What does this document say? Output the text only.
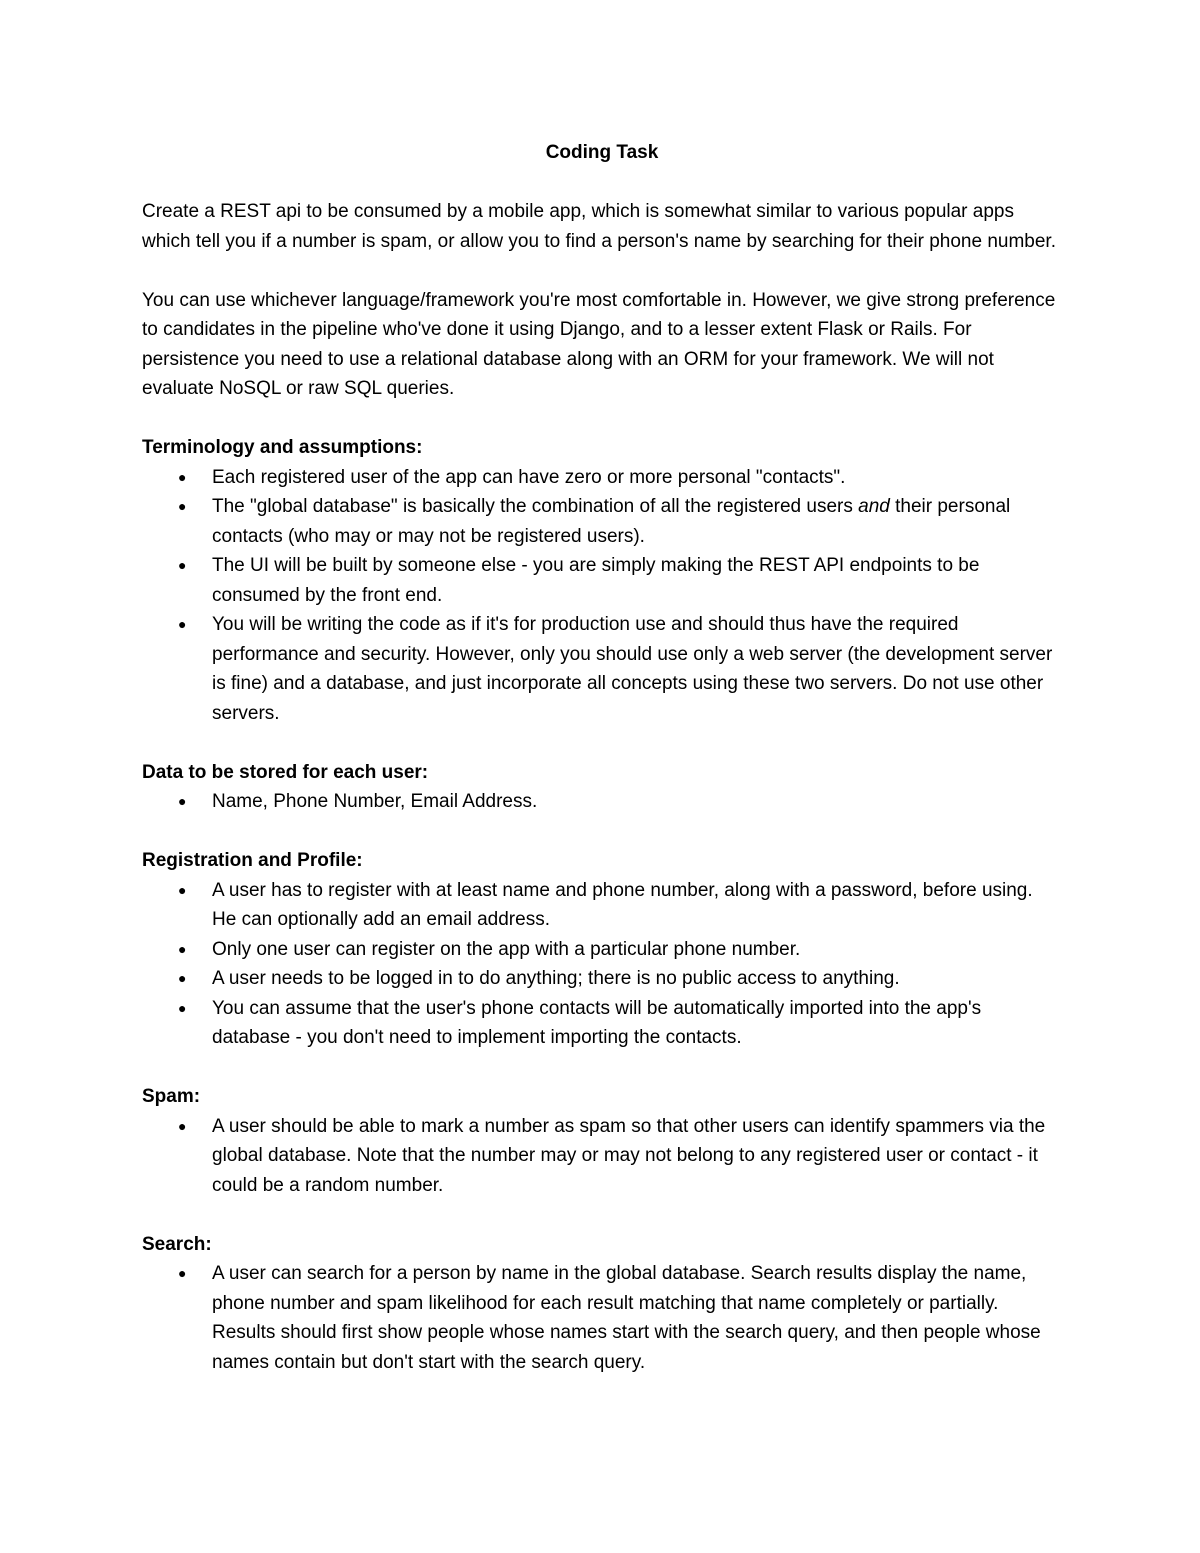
Coding Task

Create a REST api to be consumed by a mobile app, which is somewhat similar to various popular apps which tell you if a number is spam, or allow you to find a person's name by searching for their phone number.

You can use whichever language/framework you're most comfortable in. However, we give strong preference to candidates in the pipeline who've done it using Django, and to a lesser extent Flask or Rails. For persistence you need to use a relational database along with an ORM for your framework. We will not evaluate NoSQL or raw SQL queries.

Terminology and assumptions:
● Each registered user of the app can have zero or more personal "contacts".
● The "global database" is basically the combination of all the registered users and their personal contacts (who may or may not be registered users).
● The UI will be built by someone else - you are simply making the REST API endpoints to be consumed by the front end.
● You will be writing the code as if it's for production use and should thus have the required performance and security. However, only you should use only a web server (the development server is fine) and a database, and just incorporate all concepts using these two servers. Do not use other servers.
Data to be stored for each user:
● Name, Phone Number, Email Address.
Registration and Profile:
● A user has to register with at least name and phone number, along with a password, before using. He can optionally add an email address.
● Only one user can register on the app with a particular phone number.
● A user needs to be logged in to do anything; there is no public access to anything.
● You can assume that the user's phone contacts will be automatically imported into the app's database - you don't need to implement importing the contacts.
Spam:
● A user should be able to mark a number as spam so that other users can identify spammers via the global database. Note that the number may or may not belong to any registered user or contact - it could be a random number.
Search:
● A user can search for a person by name in the global database. Search results display the name, phone number and spam likelihood for each result matching that name completely or partially. Results should first show people whose names start with the search query, and then people whose names contain but don't start with the search query.
